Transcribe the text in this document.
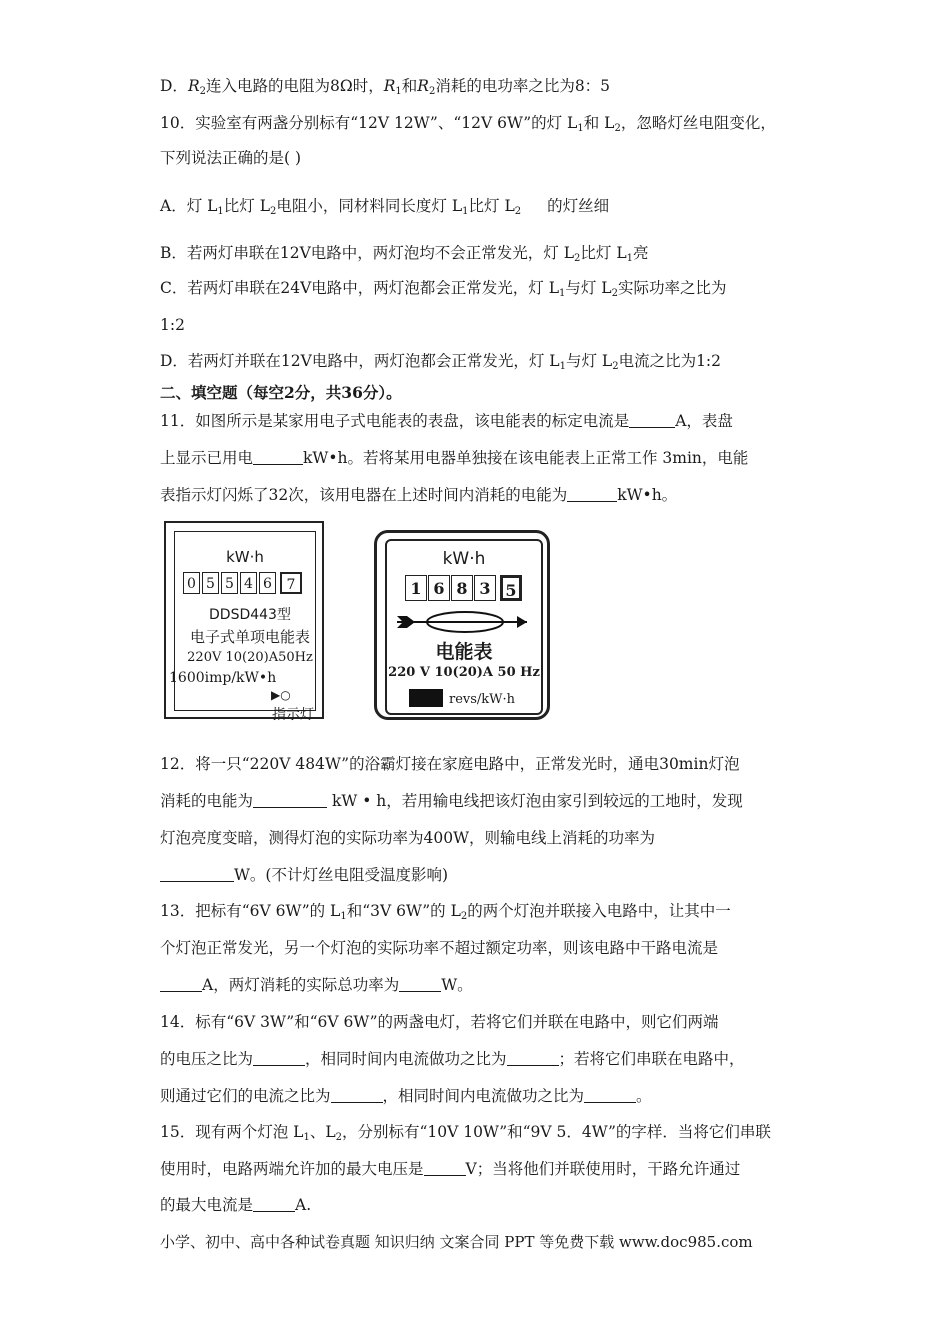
D．$R_2$连入电路的电阻为8Ω时，$R_1$和$R_2$消耗的电功率之比为8：5
10．实验室有两盏分别标有“12V 12W”、“12V 6W”的灯 $L_1$和 $L_2$，忽略灯丝电阻变化，
下列说法正确的是( )
A．灯 $L_1$比灯 $L_2$电阻小，同材料同长度灯 $L_1$比灯 $L_2$ 的灯丝细
B．若两灯串联在12V电路中，两灯泡均不会正常发光，灯 $L_2$比灯 $L_1$亮
C．若两灯串联在24V电路中，两灯泡都会正常发光，灯 $L_1$与灯 $L_2$实际功率之比为
1:2
D．若两灯并联在12V电路中，两灯泡都会正常发光，灯 $L_1$与灯 $L_2$电流之比为1:2
二、填空题（每空2分，共36分）。
11．如图所示是某家用电子式电能表的表盘，该电能表的标定电流是	A，表盘
上显示已用电	kW•h。若将某用电器单独接在该电能表上正常工作 3min，电能
表指示灯闪烁了32次，该用电器在上述时间内消耗的电能为	kW•h。
kW·h
0 5 5 4 6	7
DDSD443型
电子式单项电能表
220V 10(20)A50Hz
1600imp/kW•h
▶○
指示灯
kW·h
1 6 8 3 5
电能表
220 V 10(20)A 50 Hz
revs/kW·h
12．将一只“220V 484W”的浴霸灯接在家庭电路中，正常发光时，通电30min灯泡
消耗的电能为	kW • h，若用输电线把该灯泡由家引到较远的工地时，发现
灯泡亮度变暗，测得灯泡的实际功率为400W，则输电线上消耗的功率为
W。(不计灯丝电阻受温度影响)
13．把标有“6V 6W”的 $L_1$和“3V 6W”的 $L_2$的两个灯泡并联接入电路中，让其中一
个灯泡正常发光，另一个灯泡的实际功率不超过额定功率，则该电路中干路电流是
A，两灯消耗的实际总功率为	W。
14．标有“6V 3W”和“6V 6W”的两盏电灯，若将它们并联在电路中，则它们两端
的电压之比为	，相同时间内电流做功之比为	；若将它们串联在电路中，
则通过它们的电流之比为	，相同时间内电流做功之比为	。
15．现有两个灯泡 $L_1$、$L_2$，分别标有“10V 10W”和“9V 5．4W”的字样．当将它们串联
使用时，电路两端允许加的最大电压是	V；当将他们并联使用时，干路允许通过
的最大电流是	A.
小学、初中、高中各种试卷真题 知识归纳 文案合同 PPT 等免费下载 www.doc985.com
